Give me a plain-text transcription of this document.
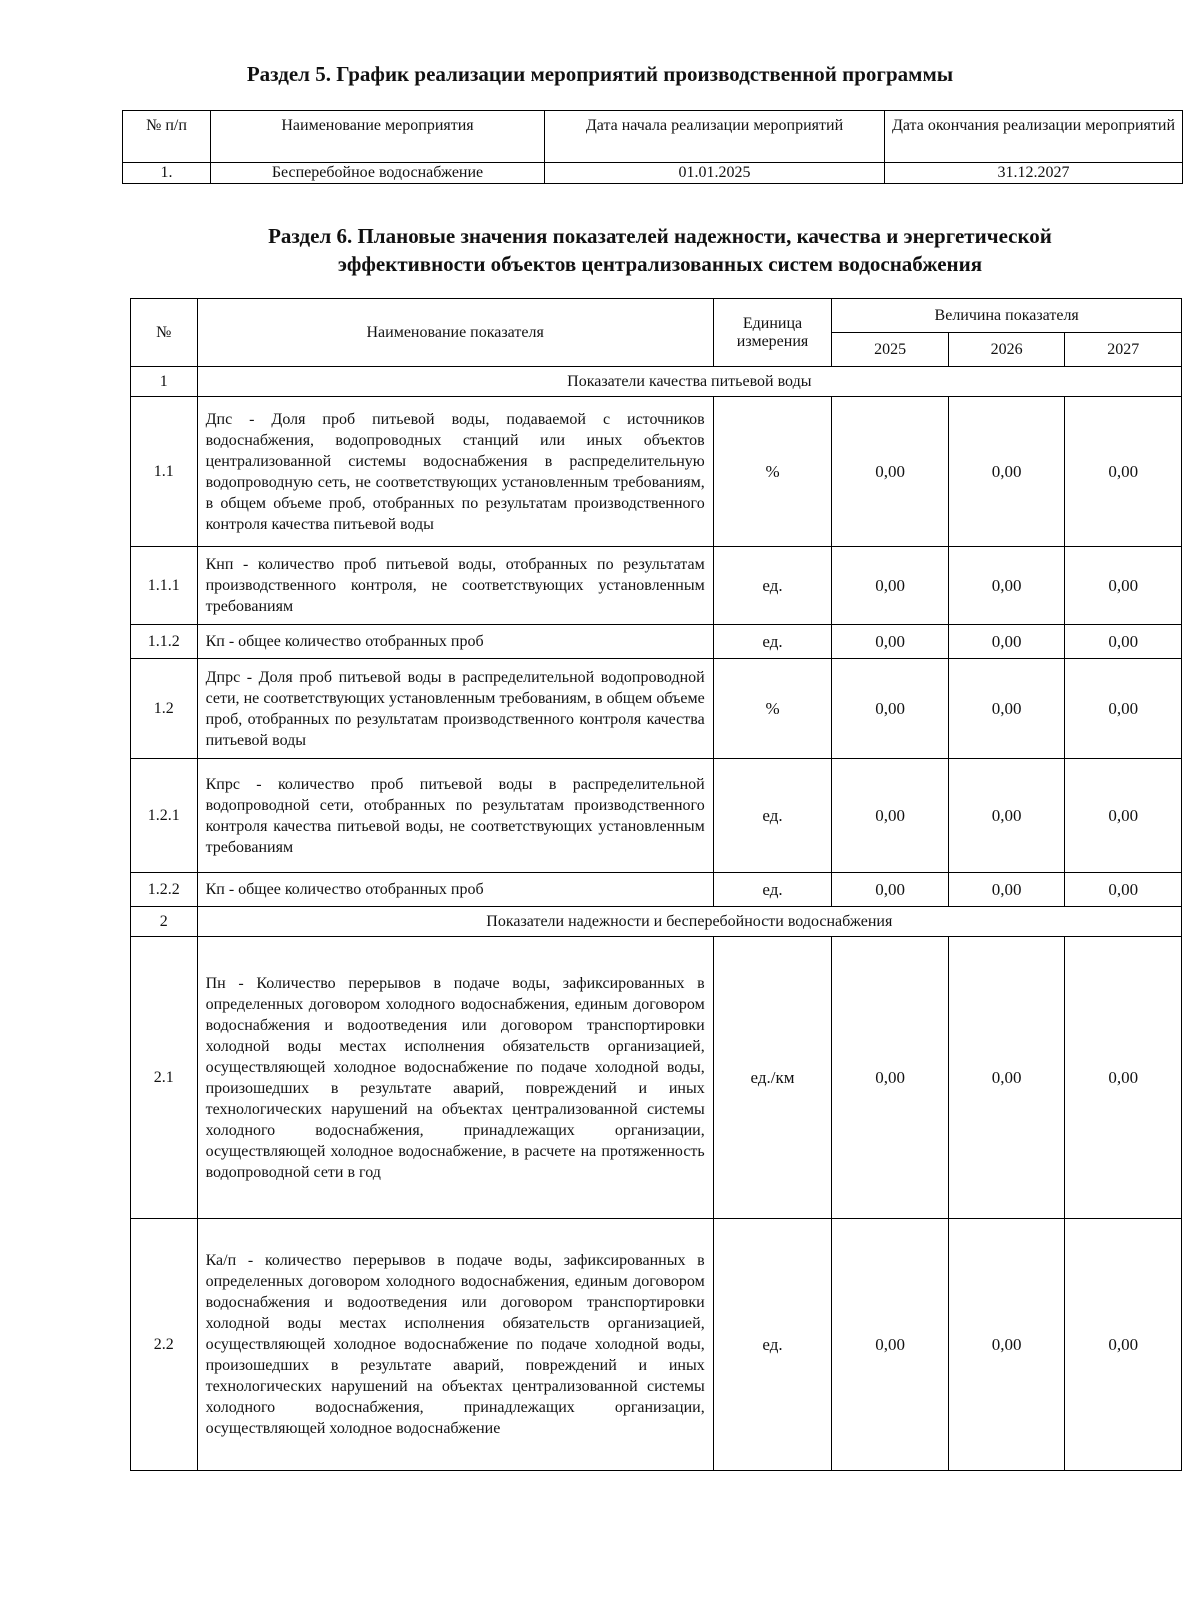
Раздел 5. График реализации мероприятий производственной программы
№ п/п	Наименование мероприятия	Дата начала реализации мероприятий	Дата окончания реализации мероприятий
1.	Бесперебойное водоснабжение	01.01.2025	31.12.2027
Раздел 6. Плановые значения показателей надежности, качества и энергетической
эффективности объектов централизованных систем водоснабжения
№	Наименование показателя	Единица измерения	Величина показателя		
			2025	2026	2027
1	Показатели качества питьевой воды				
1.1	Дпс - Доля проб питьевой воды, подаваемой с источников водоснабжения, водопроводных станций или иных объектов централизованной системы водоснабжения в распределительную водопроводную сеть, не соответствующих установленным требованиям, в общем объеме проб, отобранных по результатам производственного контроля качества питьевой воды	%	0,00	0,00	0,00
1.1.1	Кнп - количество проб питьевой воды, отобранных по результатам производственного контроля, не соответствующих установленным требованиям	ед.	0,00	0,00	0,00
1.1.2	Кп - общее количество отобранных проб	ед.	0,00	0,00	0,00
1.2	Дпрс - Доля проб питьевой воды в распределительной водопроводной сети, не соответствующих установленным требованиям, в общем объеме проб, отобранных по результатам производственного контроля качества питьевой воды	%	0,00	0,00	0,00
1.2.1	Кпрс - количество проб питьевой воды в распределительной водопроводной сети, отобранных по результатам производственного контроля качества питьевой воды, не соответствующих установленным требованиям	ед.	0,00	0,00	0,00
1.2.2	Кп - общее количество отобранных проб	ед.	0,00	0,00	0,00
2	Показатели надежности и бесперебойности водоснабжения				
2.1	Пн - Количество перерывов в подаче воды, зафиксированных в определенных договором холодного водоснабжения, единым договором водоснабжения и водоотведения или договором транспортировки холодной воды местах исполнения обязательств организацией, осуществляющей холодное водоснабжение по подаче холодной воды, произошедших в результате аварий, повреждений и иных технологических нарушений на объектах централизованной системы холодного водоснабжения, принадлежащих организации, осуществляющей холодное водоснабжение, в расчете на протяженность водопроводной сети в год	ед./км	0,00	0,00	0,00
2.2	Ка/п - количество перерывов в подаче воды, зафиксированных в определенных договором холодного водоснабжения, единым договором водоснабжения и водоотведения или договором транспортировки холодной воды местах исполнения обязательств организацией, осуществляющей холодное водоснабжение по подаче холодной воды, произошедших в результате аварий, повреждений и иных технологических нарушений на объектах централизованной системы холодного водоснабжения, принадлежащих организации, осуществляющей холодное водоснабжение	ед.	0,00	0,00	0,00
